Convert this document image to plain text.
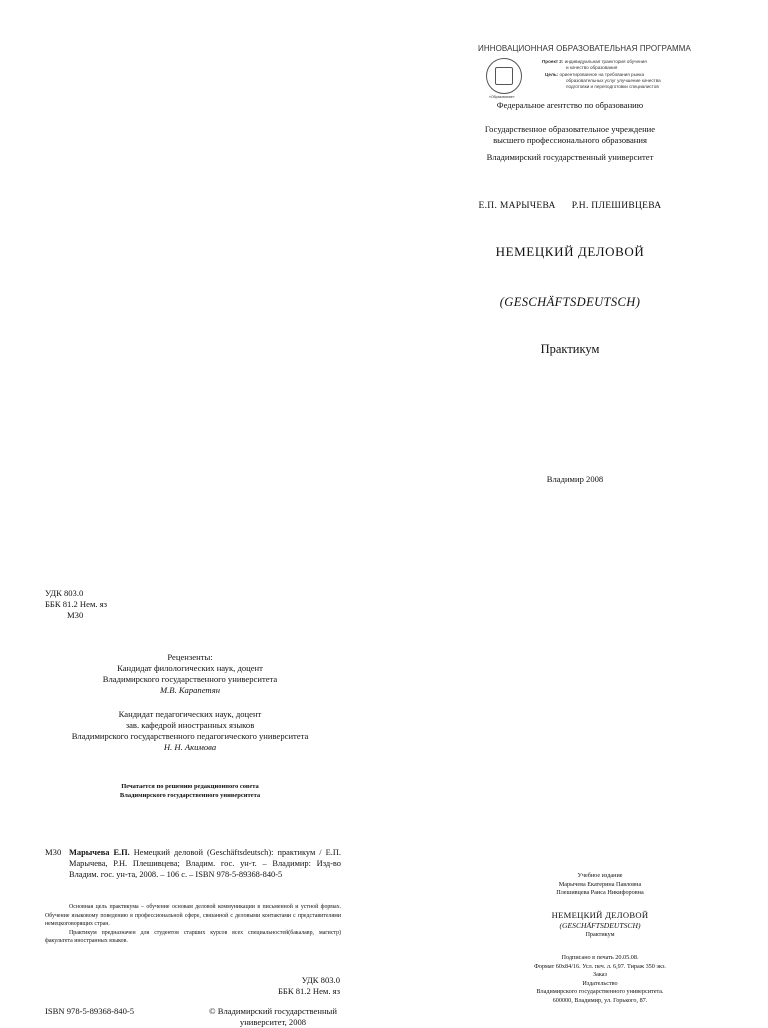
ИННОВАЦИОННАЯ ОБРАЗОВАТЕЛЬНАЯ ПРОГРАММА
«Образование»
Проект 2: индивидуальная траектория обучения
и качество образования
Цель: ориентированное на требования рынка
образовательных услуг улучшение качества
подготовки и переподготовки специалистов
Федеральное агентство по образованию
Государственное образовательное учреждение
высшего профессионального образования
Владимирский государственный университет
Е.П. МАРЫЧЕВА      Р.Н. ПЛЕШИВЦЕВА
НЕМЕЦКИЙ ДЕЛОВОЙ
(GESCHÄFTSDEUTSCH)
Практикум
Владимир 2008
УДК 803.0
ББК 81.2 Нем. яз
М30
Рецензенты:
Кандидат филологических наук, доцент
Владимирского государственного университета
М.В. Карапетян
Кандидат педагогических наук, доцент
зав. кафедрой иностранных языков
Владимирского государственного педагогического университета
Н. Н. Акимова
Печатается по решению редакционного совета
Владимирского государственного университета
М30 Марычева Е.П. Немецкий деловой (Geschäftsdeutsch): практикум / Е.П. Марычева, Р.Н. Плешивцева; Владим. гос. ун-т. – Владимир: Изд-во Владим. гос. ун-та, 2008. – 106 с. – ISBN 978-5-89368-840-5

Основная цель практикума – обучение основам деловой коммуникации в письменной и устной формах. Обучение языковому поведению в профессиональной сфере, связанной с деловыми контактами с представителями немецкоговорящих стран.

Практикум предназначен для студентов старших курсов всех специальностей(бакалавр, магистр) факультета иностранных языков.

УДК 803.0
ББК 81.2 Нем. яз
ISBN 978-5-89368-840-5	© Владимирский государственный
университет, 2008
Учебное издание
Марычева Екатерина Павловна
Плешивцева Раиса Никифоровна
НЕМЕЦКИЙ ДЕЛОВОЙ
(GESCHÄFTSDEUTSCH)
Практикум
Подписано в печать 20.05.08.
Формат 60х84/16. Усл. печ. л. 6,97. Тираж 350 экз.
Заказ
Издательство
Владимирского государственного университета.
600000, Владимир, ул. Горького, 87.
